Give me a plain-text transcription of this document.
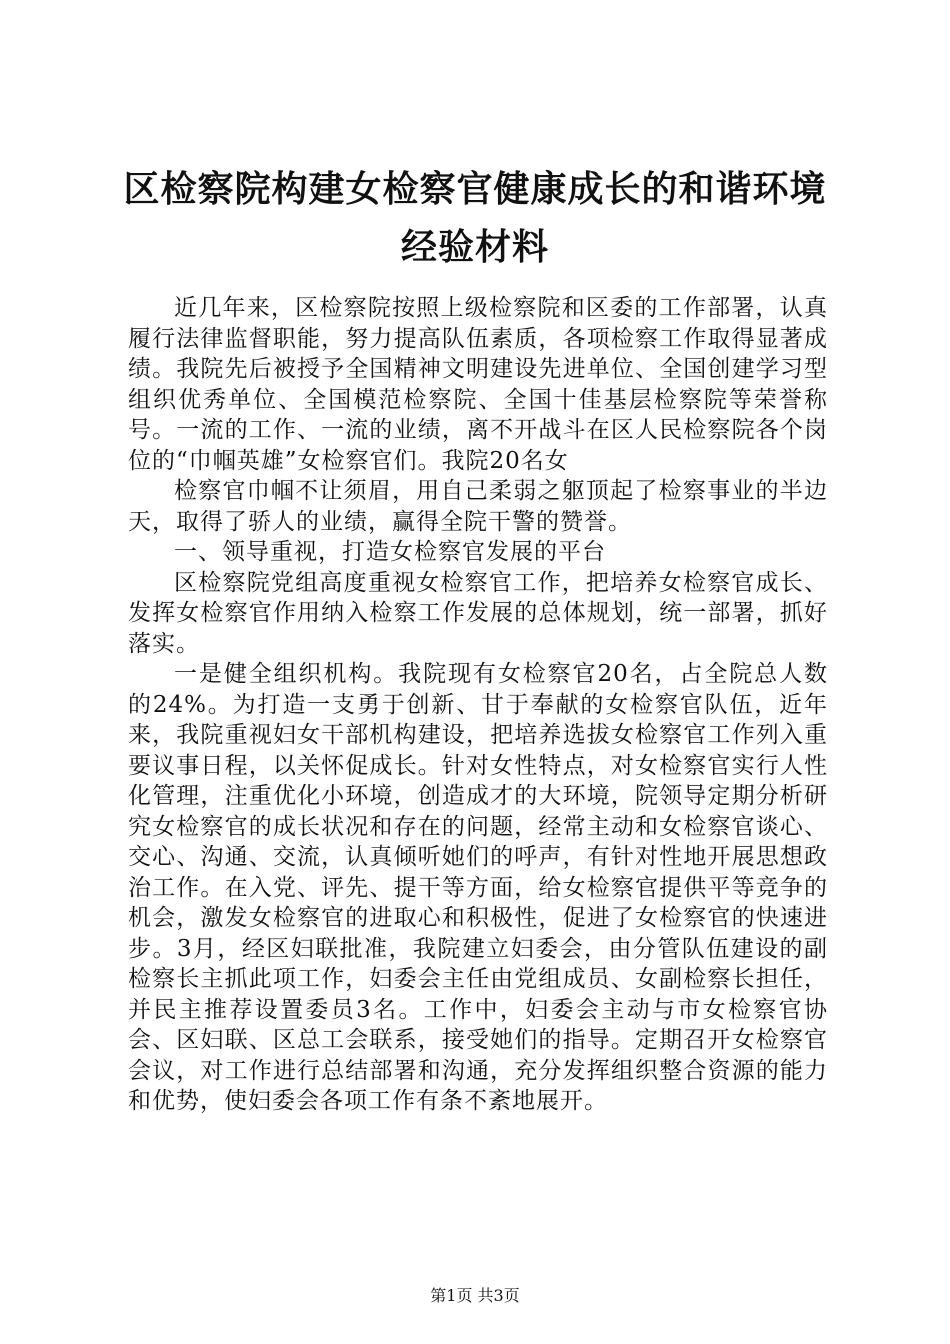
区检察院构建女检察官健康成长的和谐环境经验材料

近几年来，区检察院按照上级检察院和区委的工作部署，认真履行法律监督职能，努力提高队伍素质，各项检察工作取得显著成绩。我院先后被授予全国精神文明建设先进单位、全国创建学习型组织优秀单位、全国模范检察院、全国十佳基层检察院等荣誉称号。一流的工作、一流的业绩，离不开战斗在区人民检察院各个岗位的“巾帼英雄”女检察官们。我院20名女

检察官巾帼不让须眉，用自己柔弱之躯顶起了检察事业的半边天，取得了骄人的业绩，赢得全院干警的赞誉。

一、领导重视，打造女检察官发展的平台

区检察院党组高度重视女检察官工作，把培养女检察官成长、发挥女检察官作用纳入检察工作发展的总体规划，统一部署，抓好落实。

一是健全组织机构。我院现有女检察官20名，占全院总人数的24%。为打造一支勇于创新、甘于奉献的女检察官队伍，近年来，我院重视妇女干部机构建设，把培养选拔女检察官工作列入重要议事日程，以关怀促成长。针对女性特点，对女检察官实行人性化管理，注重优化小环境，创造成才的大环境，院领导定期分析研究女检察官的成长状况和存在的问题，经常主动和女检察官谈心、交心、沟通、交流，认真倾听她们的呼声，有针对性地开展思想政治工作。在入党、评先、提干等方面，给女检察官提供平等竞争的机会，激发女检察官的进取心和积极性，促进了女检察官的快速进步。3月，经区妇联批准，我院建立妇委会，由分管队伍建设的副检察长主抓此项工作，妇委会主任由党组成员、女副检察长担任，并民主推荐设置委员3名。工作中，妇委会主动与市女检察官协会、区妇联、区总工会联系，接受她们的指导。定期召开女检察官会议，对工作进行总结部署和沟通，充分发挥组织整合资源的能力和优势，使妇委会各项工作有条不紊地展开。

第1页 共3页
